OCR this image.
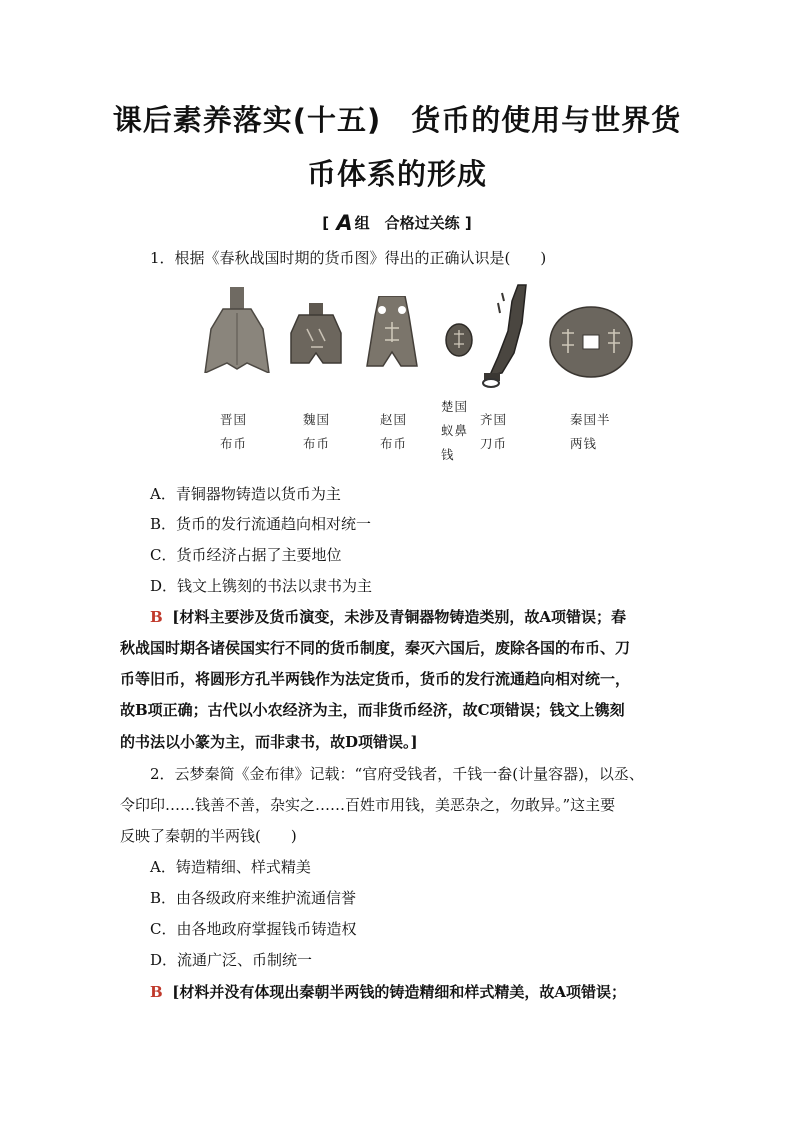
课后素养落实(十五)　货币的使用与世界货
币体系的形成
[ A 组　合格过关练 ]
1．根据《春秋战国时期的货币图》得出的正确认识是(　　)
晋国
布币
魏国
布币
赵国
布币
楚国
蚁鼻
钱
齐国
刀币
秦国半
两钱
A．青铜器物铸造以货币为主
B．货币的发行流通趋向相对统一
C．货币经济占据了主要地位
D．钱文上镌刻的书法以隶书为主
B [材料主要涉及货币演变，未涉及青铜器物铸造类别，故A项错误；春
秋战国时期各诸侯国实行不同的货币制度，秦灭六国后，废除各国的布币、刀
币等旧币，将圆形方孔半两钱作为法定货币，货币的发行流通趋向相对统一，
故B项正确；古代以小农经济为主，而非货币经济，故C项错误；钱文上镌刻
的书法以小篆为主，而非隶书，故D项错误。]
2．云梦秦简《金布律》记载：“官府受钱者，千钱一畚(计量容器)，以丞、
令印印……钱善不善，杂实之……百姓市用钱，美恶杂之，勿敢异。”这主要
反映了秦朝的半两钱(　　)
A．铸造精细、样式精美
B．由各级政府来维护流通信誉
C．由各地政府掌握钱币铸造权
D．流通广泛、币制统一
B [材料并没有体现出秦朝半两钱的铸造精细和样式精美，故A项错误；
